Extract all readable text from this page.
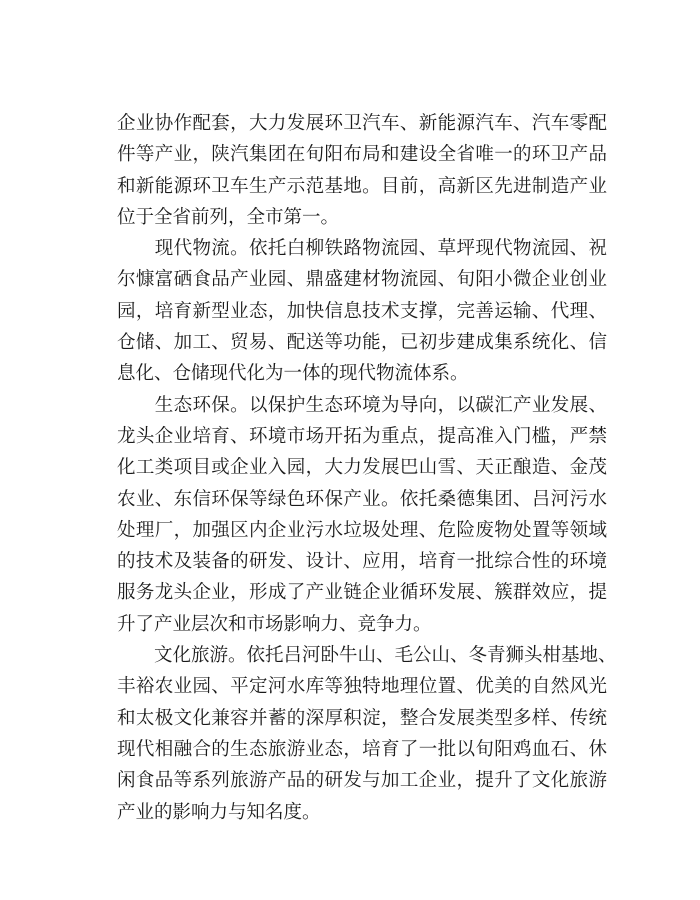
企业协作配套，大力发展环卫汽车、新能源汽车、汽车零配
件等产业，陕汽集团在旬阳布局和建设全省唯一的环卫产品
和新能源环卫车生产示范基地。目前，高新区先进制造产业
位于全省前列，全市第一。
　　现代物流。依托白柳铁路物流园、草坪现代物流园、祝
尔慷富硒食品产业园、鼎盛建材物流园、旬阳小微企业创业
园，培育新型业态，加快信息技术支撑，完善运输、代理、
仓储、加工、贸易、配送等功能，已初步建成集系统化、信
息化、仓储现代化为一体的现代物流体系。
　　生态环保。以保护生态环境为导向，以碳汇产业发展、
龙头企业培育、环境市场开拓为重点，提高准入门槛，严禁
化工类项目或企业入园，大力发展巴山雪、天正酿造、金茂
农业、东信环保等绿色环保产业。依托桑德集团、吕河污水
处理厂，加强区内企业污水垃圾处理、危险废物处置等领域
的技术及装备的研发、设计、应用，培育一批综合性的环境
服务龙头企业，形成了产业链企业循环发展、簇群效应，提
升了产业层次和市场影响力、竞争力。
　　文化旅游。依托吕河卧牛山、毛公山、冬青狮头柑基地、
丰裕农业园、平定河水库等独特地理位置、优美的自然风光
和太极文化兼容并蓄的深厚积淀，整合发展类型多样、传统
现代相融合的生态旅游业态，培育了一批以旬阳鸡血石、休
闲食品等系列旅游产品的研发与加工企业，提升了文化旅游
产业的影响力与知名度。
